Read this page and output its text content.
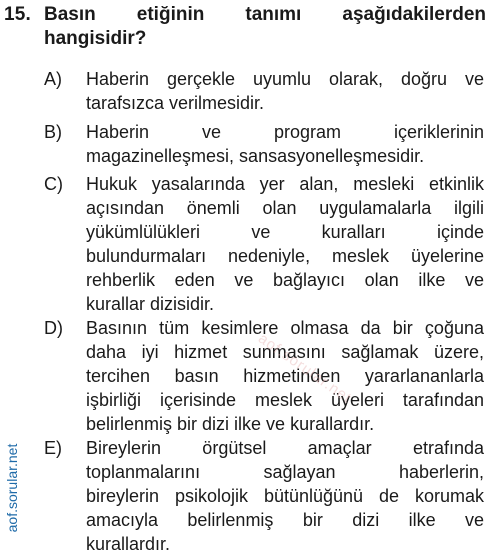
15. Basın etiğinin tanımı aşağıdakilerden
hangisidir?
A) Haberin gerçekle uyumlu olarak, doğru ve
tarafsızca verilmesidir.
B) Haberin ve program içeriklerinin
magazinelleşmesi, sansasyonelleşmesidir.
C) Hukuk yasalarında yer alan, mesleki etkinlik
açısından önemli olan uygulamalarla ilgili
yükümlülükleri ve kuralları içinde
bulundurmaları nedeniyle, meslek üyelerine
rehberlik eden ve bağlayıcı olan ilke ve
kurallar dizisidir.
D) Basının tüm kesimlere olmasa da bir çoğuna
daha iyi hizmet sunmasını sağlamak üzere,
tercihen basın hizmetinden yararlananlarla
işbirliği içerisinde meslek üyeleri tarafından
belirlenmiş bir dizi ilke ve kurallardır.
E) Bireylerin örgütsel amaçlar etrafında
toplanmalarını sağlayan haberlerin,
bireylerin psikolojik bütünlüğünü de korumak
amacıyla belirlenmiş bir dizi ilke ve
kurallardır.
aof.sorular.net
aof.sorular.net
